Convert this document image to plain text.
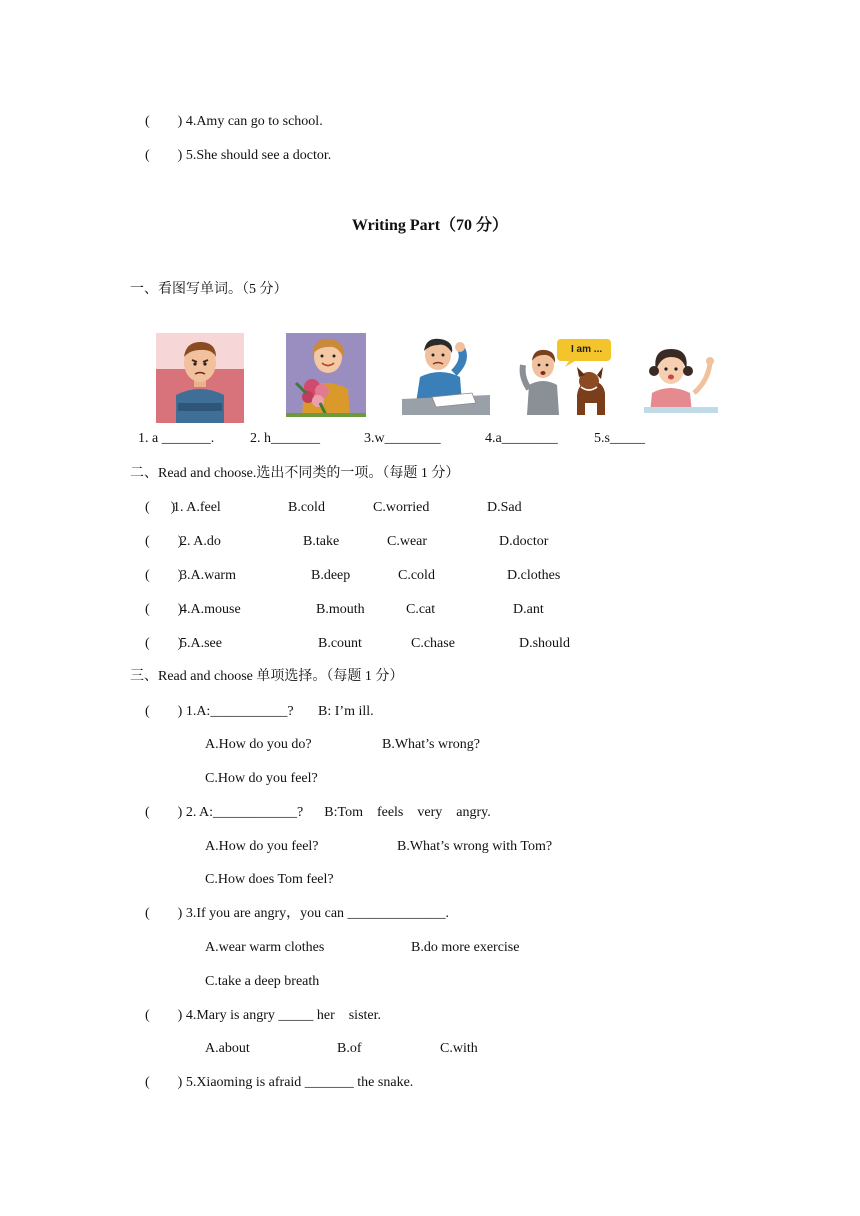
(        ) 4.Amy can go to school.
(        ) 5.She should see a doctor.
Writing Part（70 分）
一、看图写单词。（5 分）
I am ...
1. a _______.	2. h_______	3.w________	4.a________	5.s_____
二、Read and choose.选出不同类的一项。（每题 1 分）
(      )
1. A.feel	B.cold	C.worried	D.Sad
(        )
2. A.do	B.take	C.wear	D.doctor
(        )
3.A.warm	B.deep	C.cold	D.clothes
(        )
4.A.mouse	B.mouth	C.cat	D.ant
(        )
5.A.see	B.count	C.chase	D.should
三、Read and choose 单项选择。（每题 1 分）
(        ) 1.A:___________?       B: I’m ill.
A.How do you do?	B.What’s wrong?
C.How do you feel?
(        ) 2. A:____________?      B:Tom    feels    very    angry.
A.How do you feel?	B.What’s wrong with Tom?
C.How does Tom feel?
(        ) 3.If you are angry，you can ______________.
A.wear warm clothes	B.do more exercise
C.take a deep breath
(        ) 4.Mary is angry _____ her    sister.
A.about	B.of	C.with
(        ) 5.Xiaoming is afraid _______ the snake.
